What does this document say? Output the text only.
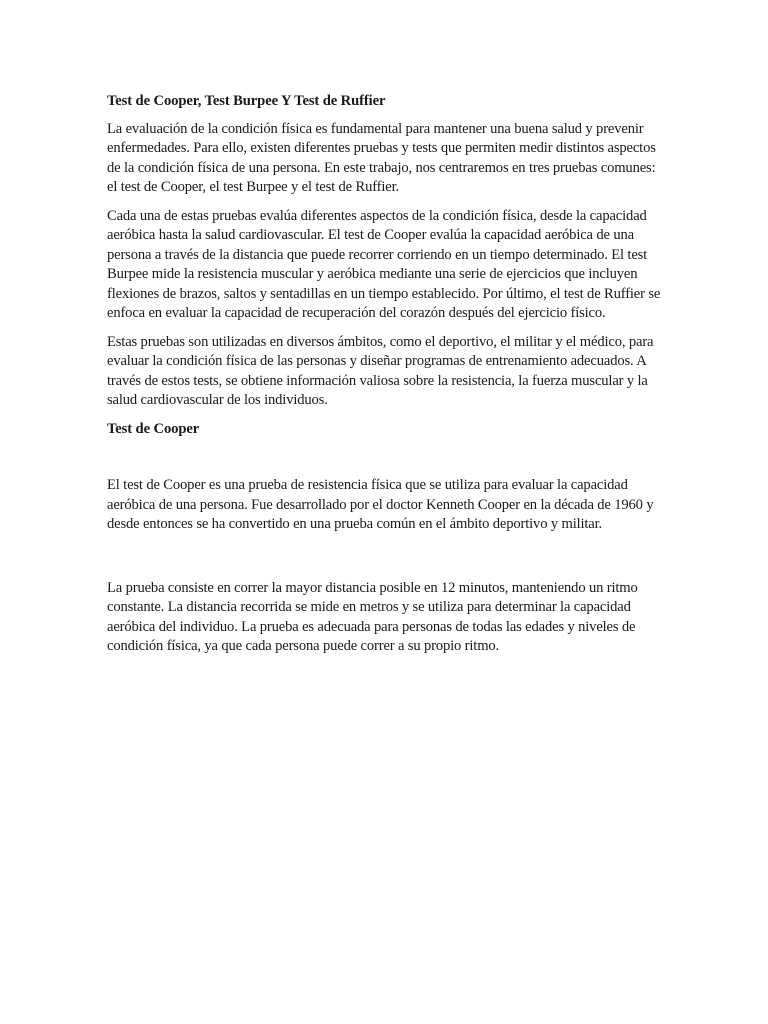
Test de Cooper, Test Burpee Y Test de Ruffier

La evaluación de la condición física es fundamental para mantener una buena salud y prevenir enfermedades. Para ello, existen diferentes pruebas y tests que permiten medir distintos aspectos de la condición física de una persona. En este trabajo, nos centraremos en tres pruebas comunes: el test de Cooper, el test Burpee y el test de Ruffier.

Cada una de estas pruebas evalúa diferentes aspectos de la condición física, desde la capacidad aeróbica hasta la salud cardiovascular. El test de Cooper evalúa la capacidad aeróbica de una persona a través de la distancia que puede recorrer corriendo en un tiempo determinado. El test Burpee mide la resistencia muscular y aeróbica mediante una serie de ejercicios que incluyen flexiones de brazos, saltos y sentadillas en un tiempo establecido. Por último, el test de Ruffier se enfoca en evaluar la capacidad de recuperación del corazón después del ejercicio físico.

Estas pruebas son utilizadas en diversos ámbitos, como el deportivo, el militar y el médico, para evaluar la condición física de las personas y diseñar programas de entrenamiento adecuados. A través de estos tests, se obtiene información valiosa sobre la resistencia, la fuerza muscular y la salud cardiovascular de los individuos.

Test de Cooper

El test de Cooper es una prueba de resistencia física que se utiliza para evaluar la capacidad aeróbica de una persona. Fue desarrollado por el doctor Kenneth Cooper en la década de 1960 y desde entonces se ha convertido en una prueba común en el ámbito deportivo y militar.

La prueba consiste en correr la mayor distancia posible en 12 minutos, manteniendo un ritmo constante. La distancia recorrida se mide en metros y se utiliza para determinar la capacidad aeróbica del individuo. La prueba es adecuada para personas de todas las edades y niveles de condición física, ya que cada persona puede correr a su propio ritmo.
